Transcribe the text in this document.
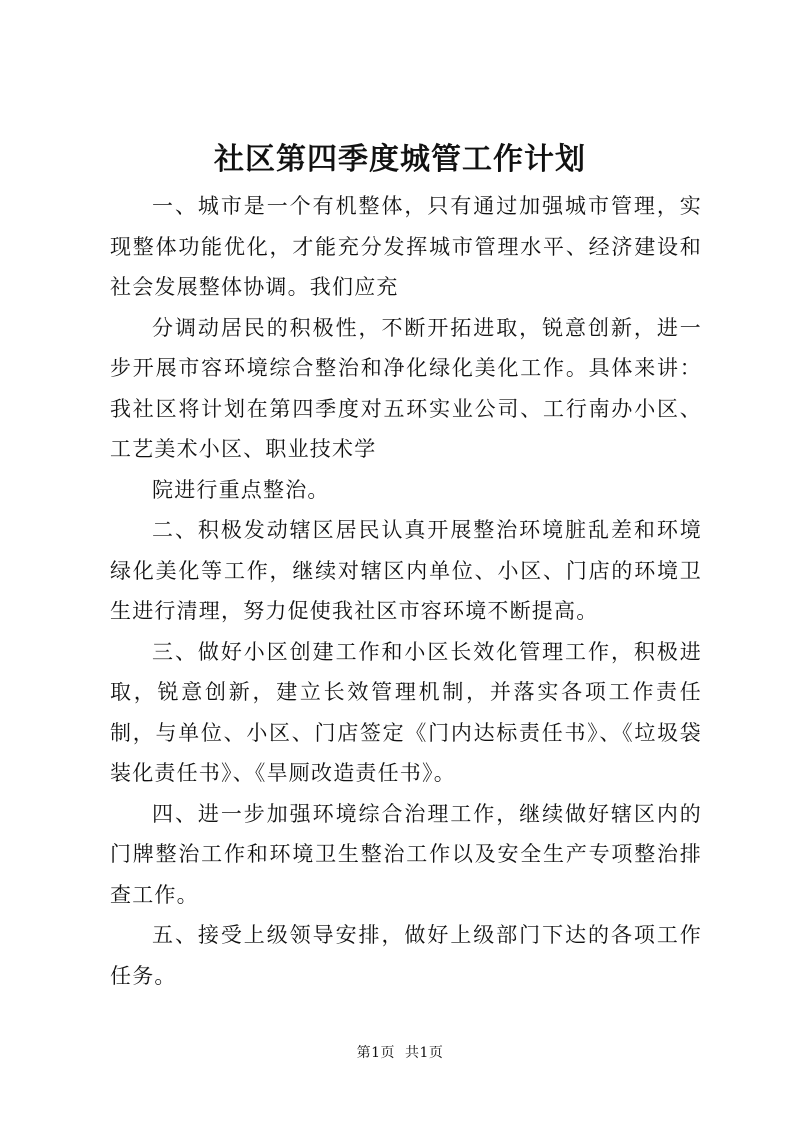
社区第四季度城管工作计划

一、城市是一个有机整体，只有通过加强城市管理，实现整体功能优化，才能充分发挥城市管理水平、经济建设和社会发展整体协调。我们应充

分调动居民的积极性，不断开拓进取，锐意创新，进一步开展市容环境综合整治和净化绿化美化工作。具体来讲：我社区将计划在第四季度对五环实业公司、工行南办小区、工艺美术小区、职业技术学

院进行重点整治。

二、积极发动辖区居民认真开展整治环境脏乱差和环境绿化美化等工作，继续对辖区内单位、小区、门店的环境卫生进行清理，努力促使我社区市容环境不断提高。

三、做好小区创建工作和小区长效化管理工作，积极进取，锐意创新，建立长效管理机制，并落实各项工作责任制，与单位、小区、门店签定《门内达标责任书》、《垃圾袋装化责任书》、《旱厕改造责任书》。

四、进一步加强环境综合治理工作，继续做好辖区内的门牌整治工作和环境卫生整治工作以及安全生产专项整治排查工作。

五、接受上级领导安排，做好上级部门下达的各项工作任务。

第1页 共1页
